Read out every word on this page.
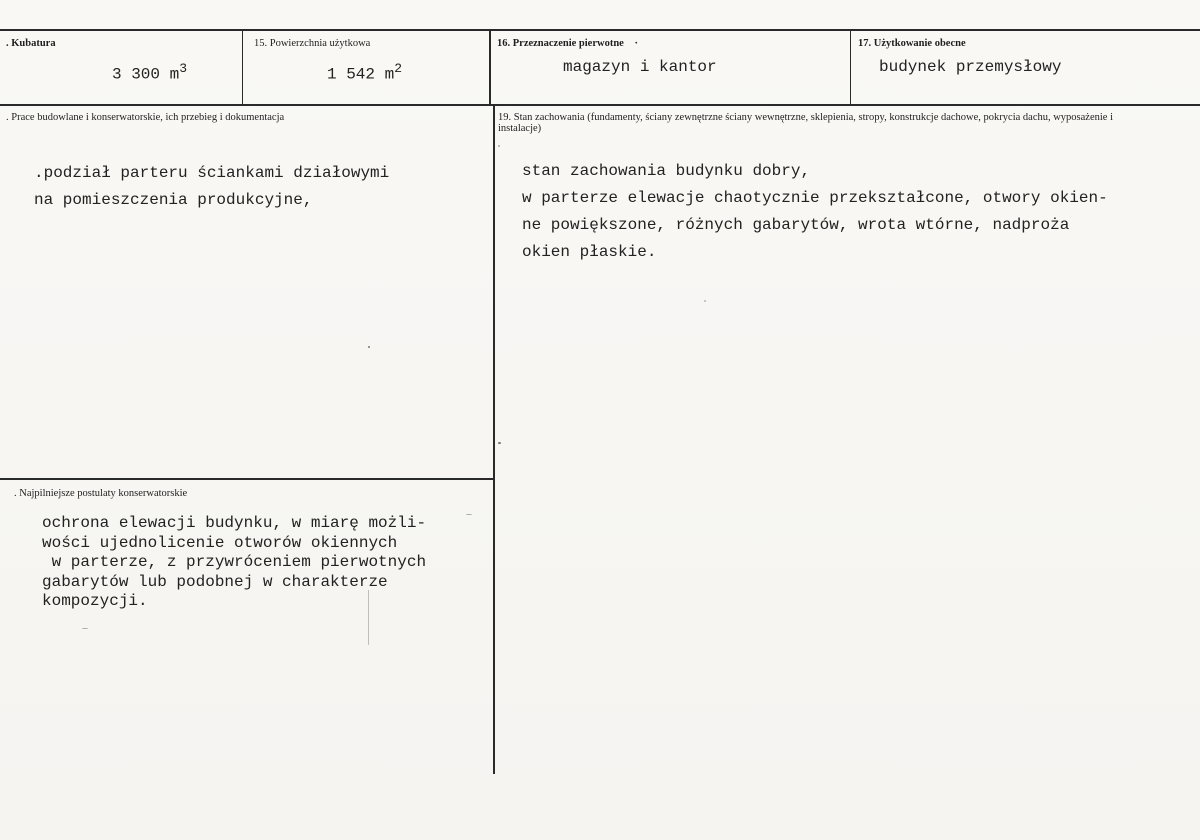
. Kubatura
3 300 $m^3$
15. Powierzchnia użytkowa
1 542 $m^2$
16. Przeznaczenie pierwotne ·
magazyn i kantor
17. Użytkowanie obecne
budynek przemysłowy
. Prace budowlane i konserwatorskie, ich przebieg i dokumentacja
.podział parteru ściankami działowymi
na pomieszczenia produkcyjne,
19. Stan zachowania (fundamenty, ściany zewnętrzne ściany wewnętrzne, sklepienia, stropy, konstrukcje dachowe, pokrycia dachu, wyposażenie i instalacje)
stan zachowania budynku dobry,
w parterze elewacje chaotycznie przekształcone, otwory okien-
ne powiększone, różnych gabarytów, wrota wtórne, nadproża
okien płaskie.
. Najpilniejsze postulaty konserwatorskie
ochrona elewacji budynku, w miarę możli-
wości ujednolicenie otworów okiennych
w parterze, z przywróceniem pierwotnych
gabarytów lub podobnej w charakterze
kompozycji.
